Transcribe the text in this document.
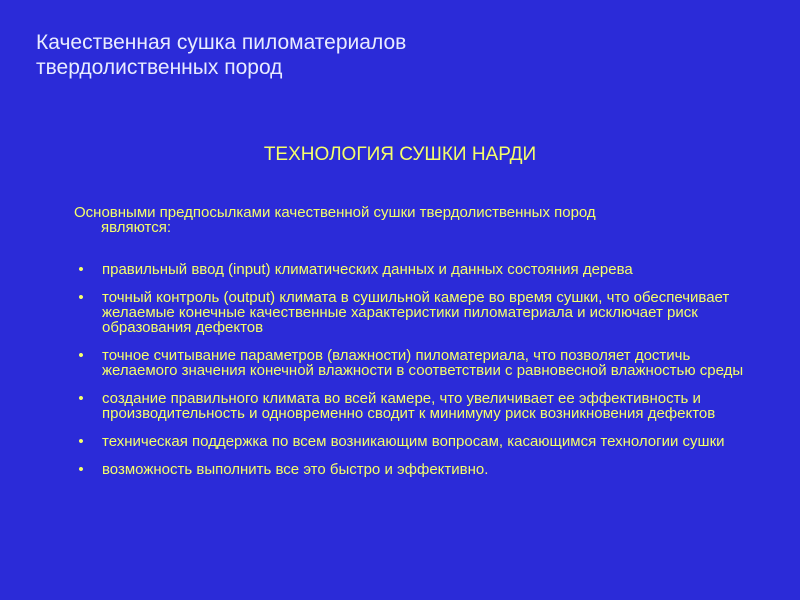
Качественная сушка пиломатериалов твердолиственных пород
ТЕХНОЛОГИЯ СУШКИ НАРДИ

Основными предпосылками качественной сушки твердолиственных пород
являются:

• правильный ввод (input) климатических данных и данных состояния дерева
• точный контроль (output) климата в сушильной камере во время сушки, что обеспечивает желаемые конечные качественные характеристики пиломатериала и исключает риск образования дефектов
• точное считывание параметров (влажности) пиломатериала, что позволяет достичь желаемого значения конечной влажности в соответствии с равновесной влажностью среды
• создание правильного климата во всей камере, что увеличивает ее эффективность и производительность и одновременно сводит к минимуму риск возникновения дефектов
• техническая поддержка по всем возникающим вопросам, касающимся технологии сушки
• возможность выполнить все это быстро и эффективно.
